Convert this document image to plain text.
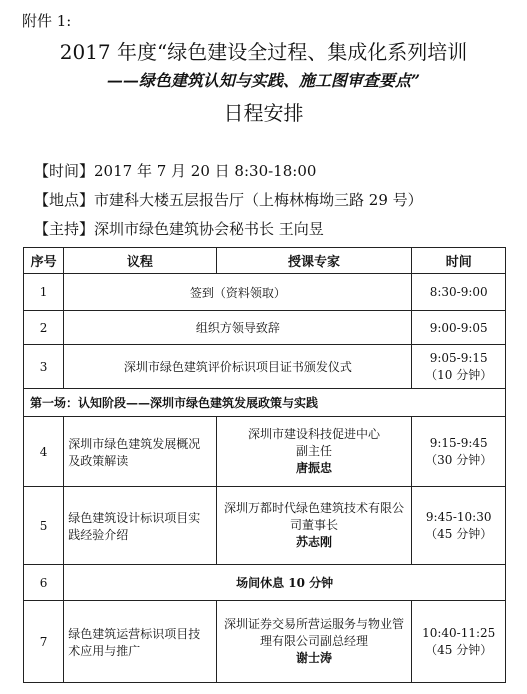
附件 1:
2017 年度“绿色建设全过程、集成化系列培训
——绿色建筑认知与实践、施工图审查要点”
日程安排
【时间】2017 年 7 月 20 日 8:30-18:00
【地点】市建科大楼五层报告厅（上梅林梅坳三路 29 号）
【主持】深圳市绿色建筑协会秘书长 王向昱
序号	议程	授课专家	时间
1	签到（资料领取）		8:30-9:00
2	组织方领导致辞		9:00-9:05
3	深圳市绿色建筑评价标识项目证书颁发仪式		9:05-9:15
（10 分钟）

第一场：认知阶段——深圳市绿色建筑发展政策与实践			
4	深圳市绿色建筑发展概况及政策解读	深圳市建设科技促进中心
副主任
唐振忠	9:15-9:45
（30 分钟）

5	绿色建筑设计标识项目实践经验介绍	深圳万都时代绿色建筑技术有限公司董事长
苏志刚	9:45-10:30
（45 分钟）

6	场间休息 10 分钟		
7	绿色建筑运营标识项目技术应用与推广	深圳证券交易所营运服务与物业管理有限公司副总经理
谢士涛	10:40-11:25
（45 分钟）
